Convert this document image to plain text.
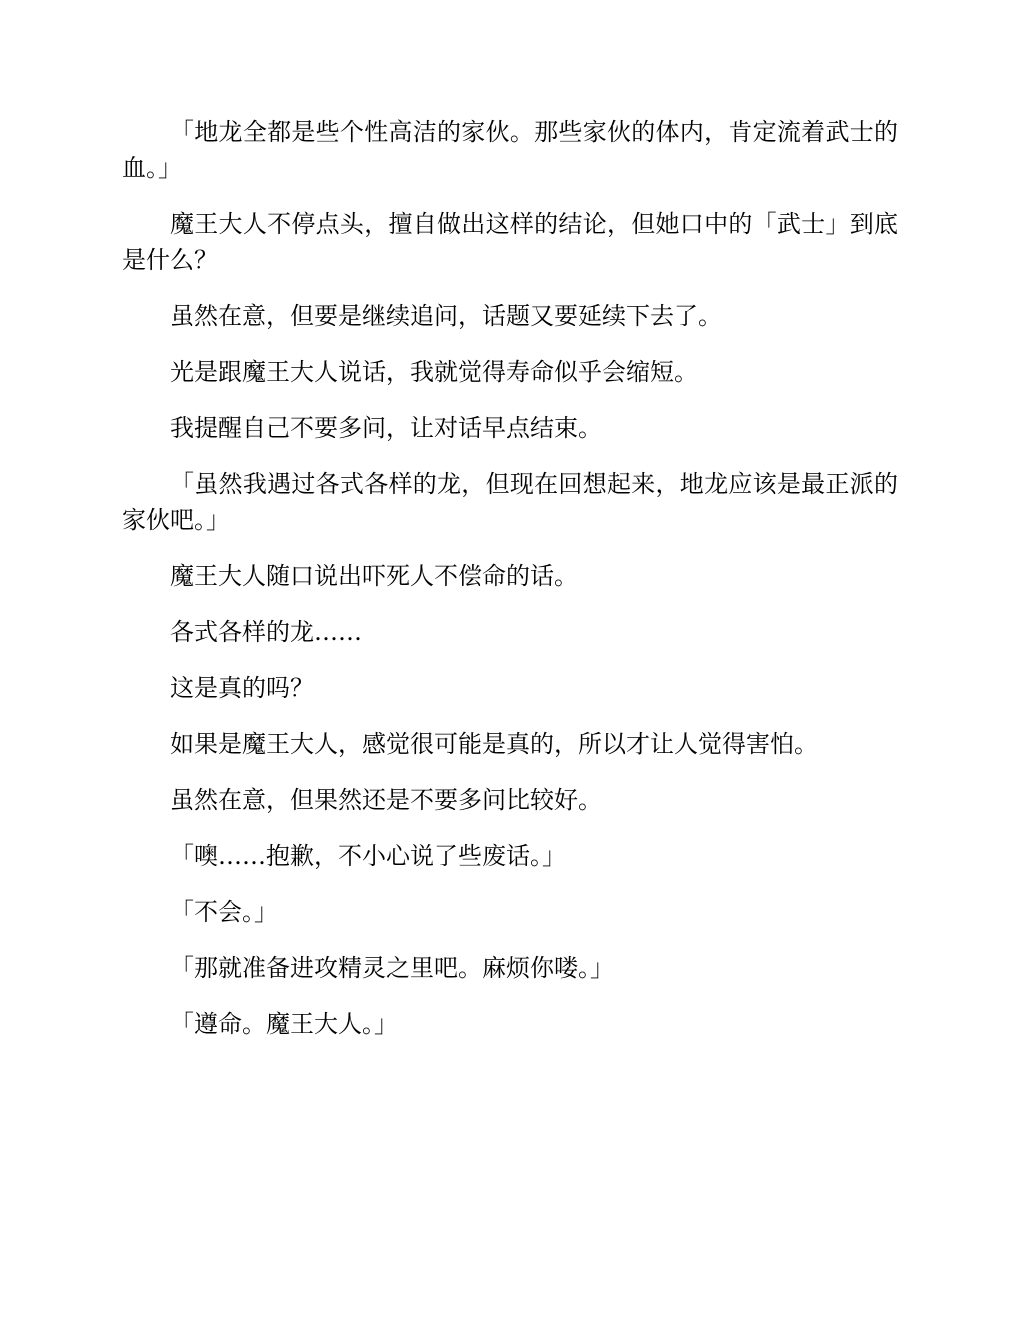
「地龙全都是些个性高洁的家伙。那些家伙的体内，肯定流着武士的血。」

魔王大人不停点头，擅自做出这样的结论，但她口中的「武士」到底是什么？

虽然在意，但要是继续追问，话题又要延续下去了。

光是跟魔王大人说话，我就觉得寿命似乎会缩短。

我提醒自己不要多问，让对话早点结束。

「虽然我遇过各式各样的龙，但现在回想起来，地龙应该是最正派的家伙吧。」

魔王大人随口说出吓死人不偿命的话。

各式各样的龙……

这是真的吗？

如果是魔王大人，感觉很可能是真的，所以才让人觉得害怕。

虽然在意，但果然还是不要多问比较好。

「噢……抱歉，不小心说了些废话。」

「不会。」

「那就准备进攻精灵之里吧。麻烦你喽。」

「遵命。魔王大人。」
